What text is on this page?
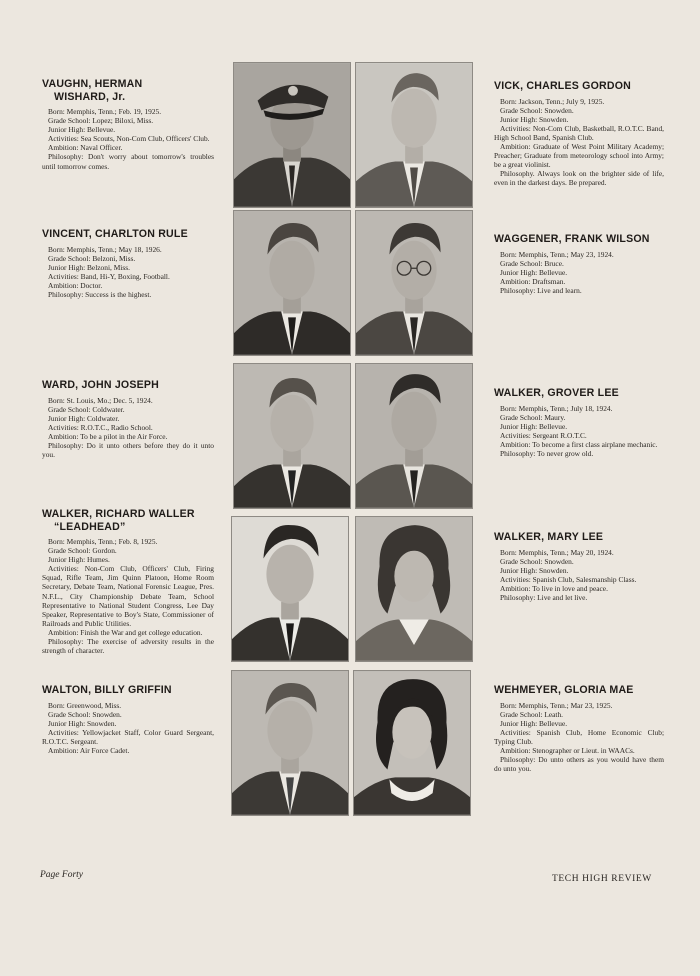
VAUGHN, HERMAN
WISHARD, Jr.

Born: Memphis, Tenn.; Feb. 19, 1925.

Grade School: Lopez; Biloxi, Miss.

Junior High: Bellevue.

Activities: Sea Scouts, Non-Com Club, Officers' Club.

Ambition: Naval Officer.

Philosophy: Don't worry about tomorrow's troubles until tomorrow comes.

VICK, CHARLES GORDON

Born: Jackson, Tenn.; July 9, 1925.

Grade School: Snowden.

Junior High: Snowden.

Activities: Non-Com Club, Basketball, R.O.T.C. Band, High School Band, Spanish Club.

Ambition: Graduate of West Point Military Academy; Preacher; Graduate from meteorology school into Army; be a great violinist.

Philosophy. Always look on the brighter side of life, even in the darkest days. Be prepared.

VINCENT, CHARLTON RULE

Born: Memphis, Tenn.; May 18, 1926.

Grade School: Belzoni, Miss.

Junior High: Belzoni, Miss.

Activities: Band, Hi-Y, Boxing, Football.

Ambition: Doctor.

Philosophy: Success is the highest.

WAGGENER, FRANK WILSON

Born: Memphis, Tenn.; May 23, 1924.

Grade School: Bruce.

Junior High: Bellevue.

Ambition: Draftsman.

Philosophy: Live and learn.

WARD, JOHN JOSEPH

Born: St. Louis, Mo.; Dec. 5, 1924.

Grade School: Coldwater.

Junior High: Coldwater.

Activities: R.O.T.C., Radio School.

Ambition: To be a pilot in the Air Force.

Philosophy: Do it unto others before they do it unto you.

WALKER, GROVER LEE

Born: Memphis, Tenn.; July 18, 1924.

Grade School: Maury.

Junior High: Bellevue.

Activities: Sergeant R.O.T.C.

Ambition: To become a first class airplane mechanic.

Philosophy: To never grow old.

WALKER, RICHARD WALLER
“LEADHEAD”

Born: Memphis, Tenn.; Feb. 8, 1925.

Grade School: Gordon.

Junior High: Humes.

Activities: Non-Com Club, Officers' Club, Firing Squad, Rifle Team, Jim Quinn Platoon, Home Room Secretary, Debate Team, National Forensic League, Pres. N.F.L., City Championship Debate Team, School Representative to National Student Congress, Lee Day Speaker, Representative to Boy's State, Commissioner of Railroads and Public Utilities.

Ambition: Finish the War and get college education.

Philosophy: The exercise of adversity results in the strength of character.

WALKER, MARY LEE

Born: Memphis, Tenn.; May 20, 1924.

Grade School: Snowden.

Junior High: Snowden.

Activities: Spanish Club, Salesmanship Class.

Ambition: To live in love and peace.

Philosophy: Live and let live.

WALTON, BILLY GRIFFIN

Born: Greenwood, Miss.

Grade School: Snowden.

Junior High: Snowden.

Activities: Yellowjacket Staff, Color Guard Sergeant, R.O.T.C. Sergeant.

Ambition: Air Force Cadet.

WEHMEYER, GLORIA MAE

Born: Memphis, Tenn.; Mar 23, 1925.

Grade School: Leath.

Junior High: Bellevue.

Activities: Spanish Club, Home Economic Club; Typing Club.

Ambition: Stenographer or Lieut. in WAACs.

Philosophy: Do unto others as you would have them do unto you.

Page Forty	TECH HIGH REVIEW
